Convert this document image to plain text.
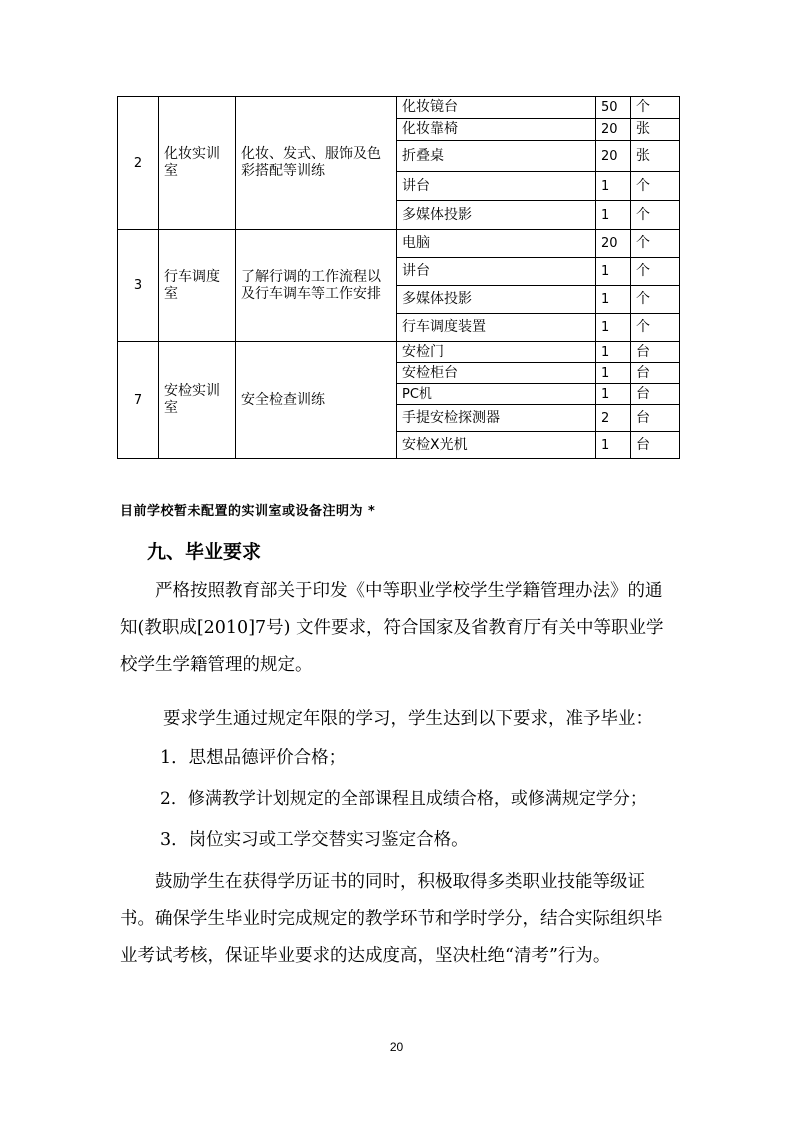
2	化妆实训室	化妆、发式、服饰及色彩搭配等训练	化妆镜台	50	个
			化妆靠椅	20	张
			折叠桌	20	张
			讲台	1	个
			多媒体投影	1	个
3	行车调度室	了解行调的工作流程以及行车调车等工作安排	电脑	20	个
			讲台	1	个
			多媒体投影	1	个
			行车调度装置	1	个
7	安检实训室	安全检查训练	安检门	1	台
			安检柜台	1	台
			PC机	1	台
			手提安检探测器	2	台
			安检X光机	1	台
目前学校暂未配置的实训室或设备注明为 *
九、毕业要求

严格按照教育部关于印发《中等职业学校学生学籍管理办法》的通知(教职成[2010]7号) 文件要求，符合国家及省教育厅有关中等职业学校学生学籍管理的规定。

要求学生通过规定年限的学习，学生达到以下要求，准予毕业：

1．思想品德评价合格；

2．修满教学计划规定的全部课程且成绩合格，或修满规定学分；

3．岗位实习或工学交替实习鉴定合格。

鼓励学生在获得学历证书的同时，积极取得多类职业技能等级证书。确保学生毕业时完成规定的教学环节和学时学分，结合实际组织毕业考试考核，保证毕业要求的达成度高，坚决杜绝“清考”行为。

20
